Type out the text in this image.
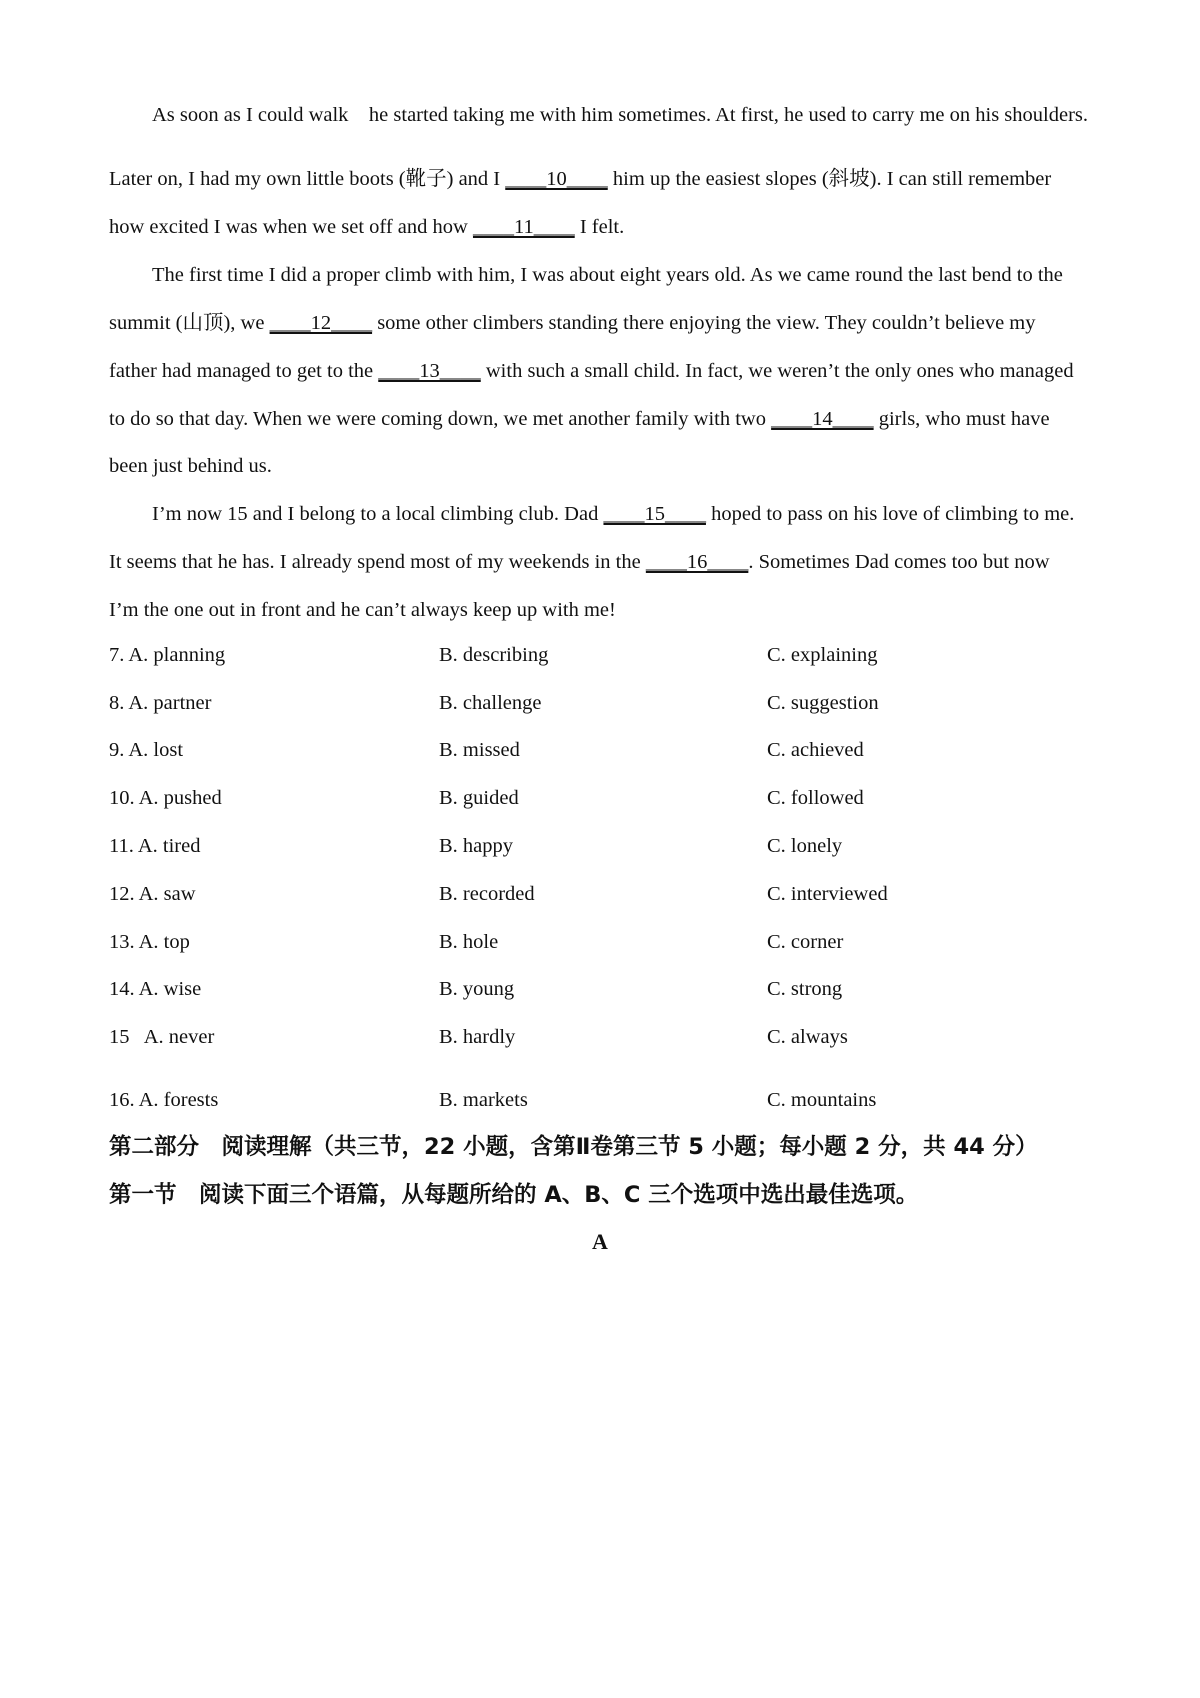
As soon as I could walk he started taking me with him sometimes. At first, he used to carry me on his shoulders.
Later on, I had my own little boots (靴子) and I ____10____ him up the easiest slopes (斜坡). I can still remember
how excited I was when we set off and how ____11____ I felt.
The first time I did a proper climb with him, I was about eight years old. As we came round the last bend to the
summit (山顶), we ____12____ some other climbers standing there enjoying the view. They couldn’t believe my
father had managed to get to the ____13____ with such a small child. In fact, we weren’t the only ones who managed
to do so that day. When we were coming down, we met another family with two ____14____ girls, who must have
been just behind us.
I’m now 15 and I belong to a local climbing club. Dad ____15____ hoped to pass on his love of climbing to me.
It seems that he has. I already spend most of my weekends in the ____16____. Sometimes Dad comes too but now
I’m the one out in front and he can’t always keep up with me!
7. A. planning	B. describing	C. explaining
8. A. partner	B. challenge	C. suggestion
9. A. lost	B. missed	C. achieved
10. A. pushed	B. guided	C. followed
11. A. tired	B. happy	C. lonely
12. A. saw	B. recorded	C. interviewed
13. A. top	B. hole	C. corner
14. A. wise	B. young	C. strong
15  A. never	B. hardly	C. always
16. A. forests	B. markets	C. mountains
第二部分　阅读理解（共三节，22 小题，含第Ⅱ卷第三节 5 小题；每小题 2 分，共 44 分）
第一节　阅读下面三个语篇，从每题所给的 A、B、C 三个选项中选出最佳选项。
A
